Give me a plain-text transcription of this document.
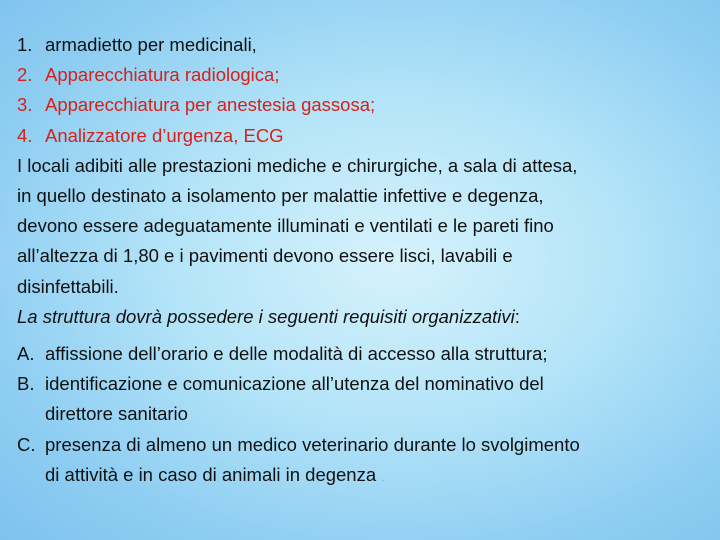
1. armadietto per medicinali,
2. Apparecchiatura radiologica;
3. Apparecchiatura per anestesia gassosa;
4. Analizzatore d’urgenza, ECG
I locali adibiti alle prestazioni mediche e chirurgiche, a sala di attesa,
in quello destinato a isolamento per malattie infettive e degenza,
devono essere adeguatamente illuminati e ventilati e le pareti fino
all’altezza di 1,80 e i pavimenti devono essere lisci, lavabili e
disinfettabili.
La struttura dovrà possedere i seguenti requisiti organizzativi:
A. affissione dell’orario e delle modalità di accesso alla struttura;
B. identificazione e comunicazione all’utenza del nominativo del
direttore sanitario
C. presenza di almeno un medico veterinario durante lo svolgimento
di attività e in caso di animali in degenza .
